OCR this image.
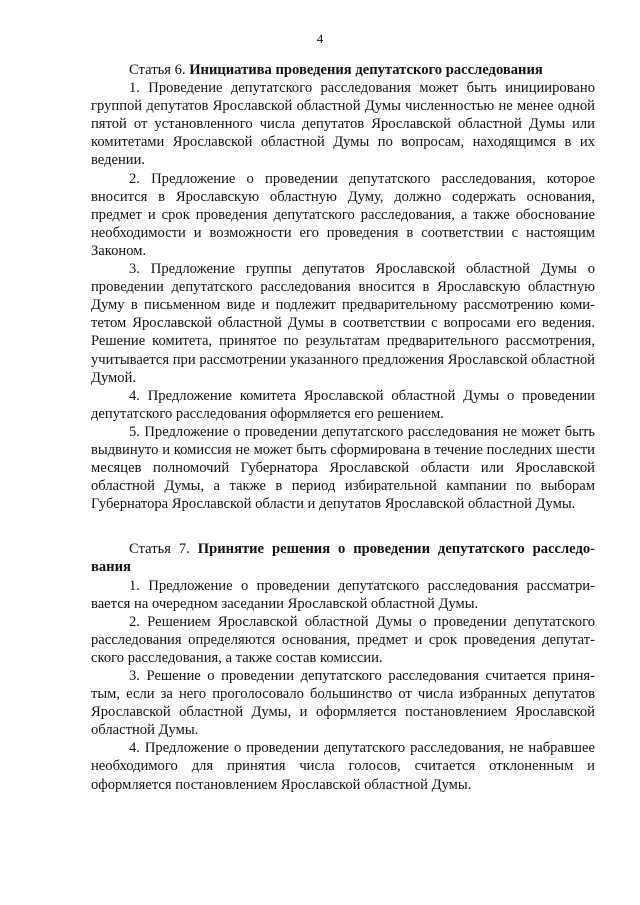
4

Статья 6. Инициатива проведения депутатского расследования

1. Проведение депутатского расследования может быть инициировано группой депутатов Ярославской областной Думы численностью не менее одной пятой от установленного числа депутатов Ярославской областной Думы или комитетами Ярославской областной Думы по вопросам, находящимся в их ведении.

2. Предложение о проведении депутатского расследования, которое вносится в Ярославскую областную Думу, должно содержать основания, предмет и срок проведения депутатского расследования, а также обоснование необходимости и возможности его проведения в соответствии с настоящим Законом.

3. Предложение группы депутатов Ярославской областной Думы о проведении депутатского расследования вносится в Ярославскую областную Думу в письменном виде и подлежит предварительному рассмотрению комитетом Ярославской областной Думы в соответствии с вопросами его ведения. Решение комитета, принятое по результатам предварительного рассмотрения, учитывается при рассмотрении указанного предложения Ярославской областной Думой.

4. Предложение комитета Ярославской областной Думы о проведении депутатского расследования оформляется его решением.

5. Предложение о проведении депутатского расследования не может быть выдвинуто и комиссия не может быть сформирована в течение последних шести месяцев полномочий Губернатора Ярославской области или Ярославской областной Думы, а также в период избирательной кампании по выборам Губернатора Ярославской области и депутатов Ярославской областной Думы.

Статья 7. Принятие решения о проведении депутатского расследования

1. Предложение о проведении депутатского расследования рассматривается на очередном заседании Ярославской областной Думы.

2. Решением Ярославской областной Думы о проведении депутатского расследования определяются основания, предмет и срок проведения депутатского расследования, а также состав комиссии.

3. Решение о проведении депутатского расследования считается принятым, если за него проголосовало большинство от числа избранных депутатов Ярославской областной Думы, и оформляется постановлением Ярославской областной Думы.

4. Предложение о проведении депутатского расследования, не набравшее необходимого для принятия числа голосов, считается отклоненным и оформляется постановлением Ярославской областной Думы.
